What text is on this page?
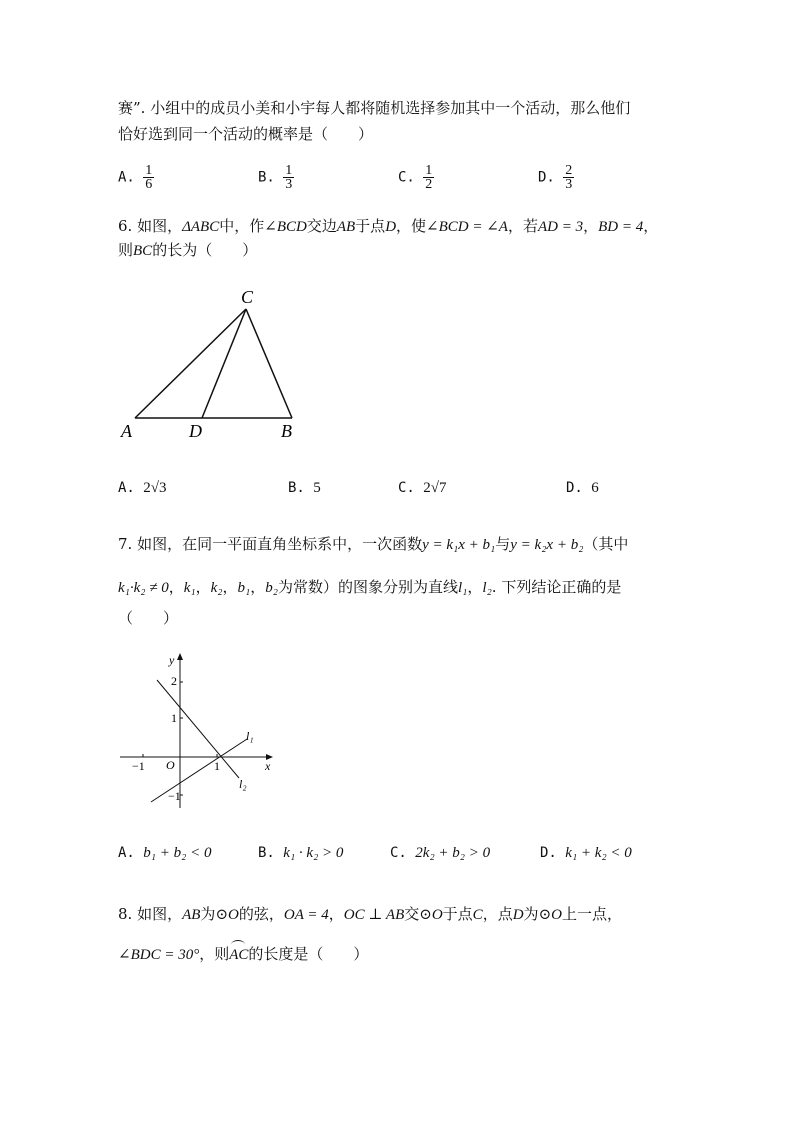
赛”. 小组中的成员小美和小宇每人都将随机选择参加其中一个活动，那么他们
恰好选到同一个活动的概率是（　　）
A. $\frac{1}{6}$	B. $\frac{1}{3}$	C. $\frac{1}{2}$	D. $\frac{2}{3}$
6. 如图，ΔABC中，作∠BCD交边AB于点D，使∠BCD = ∠A，若AD = 3，BD = 4，
则BC的长为（　　）
C
A	D	B
A. 2√3	B. 5	C. 2√7	D. 6
7. 如图，在同一平面直角坐标系中，一次函数y = k₁x + b₁与y = k₂x + b₂（其中
k₁·k₂ ≠ 0，k₁，k₂，b₁，b₂为常数）的图象分别为直线l₁，l₂. 下列结论正确的是
（　　）
y
x
O	1
−1
2
1
−1
l₁
l₂
A. b₁ + b₂ < 0	B. k₁ · k₂ > 0	C. 2k₂ + b₂ > 0	D. k₁ + k₂ < 0
8. 如图，AB为⊙O的弦，OA = 4，OC ⊥ AB交⊙O于点C，点D为⊙O上一点，
∠BDC = 30°，则
AC的长度是（　　）
